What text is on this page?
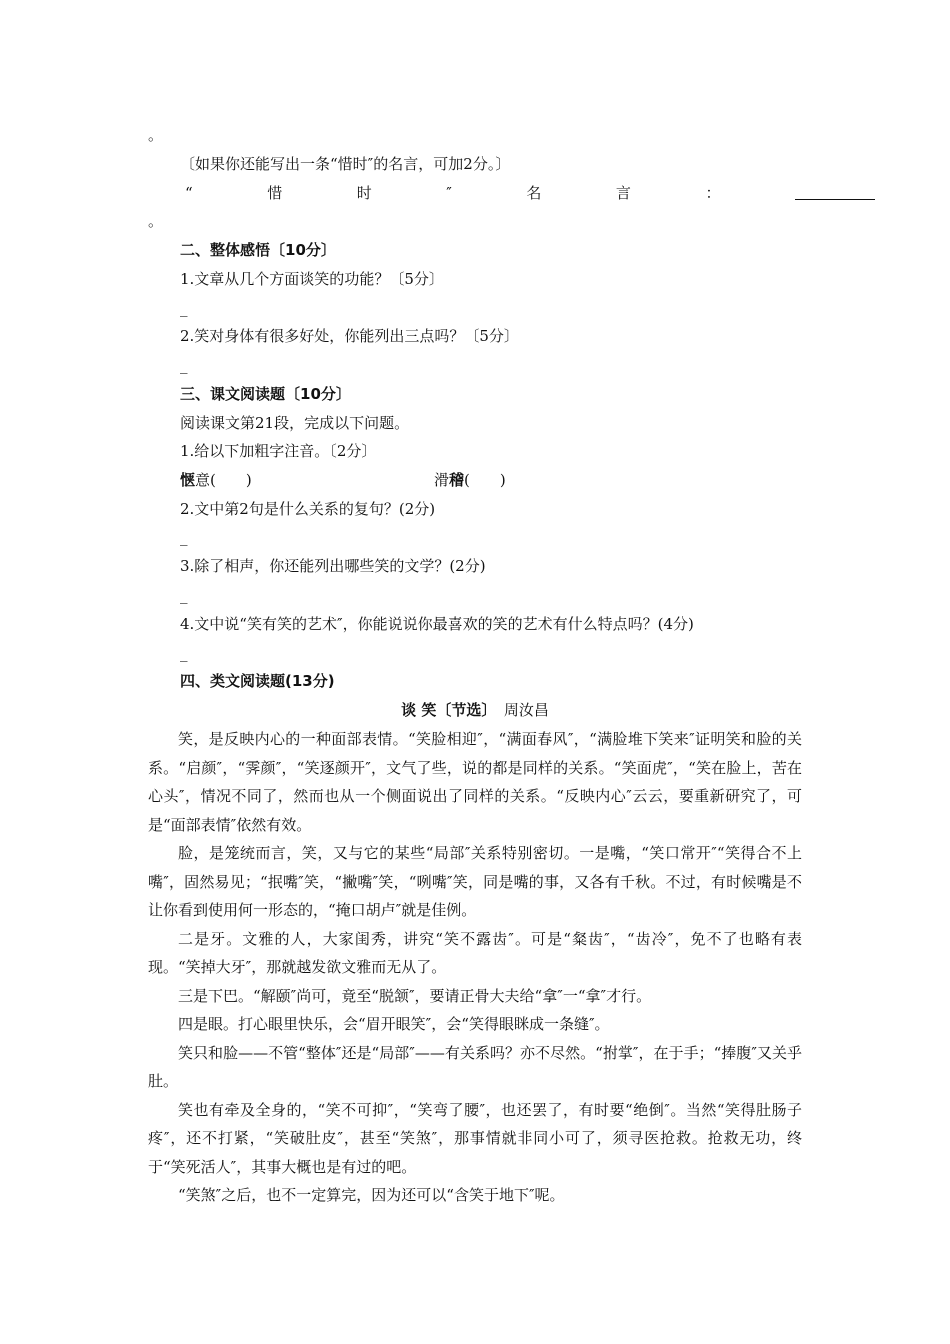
。
〔如果你还能写出一条“惜时″的名言，可加2分。〕
“	惜	时	″	名	言	：
。
二、整体感悟〔10分〕
1.文章从几个方面谈笑的功能？〔5分〕
_
2.笑对身体有很多好处，你能列出三点吗？〔5分〕
_
三、课文阅读题〔10分〕
阅读课文第21段，完成以下问题。
1.给以下加粗字注音。〔2分〕
惬意(　　)	滑稽(　　)
2.文中第2句是什么关系的复句？(2分)
_
3.除了相声，你还能列出哪些笑的文学？(2分)
_
4.文中说“笑有笑的艺术″，你能说说你最喜欢的笑的艺术有什么特点吗？(4分)
_
四、类文阅读题(13分)
谈 笑〔节选〕　 周汝昌

笑，是反映内心的一种面部表情。“笑脸相迎″，“满面春风″，“满脸堆下笑来″证明笑和脸的关系。“启颜″，“霁颜″，“笑逐颜开″，文气了些，说的都是同样的关系。“笑面虎″，“笑在脸上，苦在心头″，情况不同了，然而也从一个侧面说出了同样的关系。“反映内心″云云，要重新研究了，可是“面部表情″依然有效。

脸，是笼统而言，笑，又与它的某些“局部″关系特别密切。一是嘴，“笑口常开″“笑得合不上嘴″，固然易见；“抿嘴″笑，“撇嘴″笑，“咧嘴″笑，同是嘴的事，又各有千秋。不过，有时候嘴是不让你看到使用何一形态的，“掩口胡卢″就是佳例。

二是牙。文雅的人，大家闺秀，讲究“笑不露齿″。可是“粲齿″，“齿冷″，免不了也略有表现。“笑掉大牙″，那就越发欲文雅而无从了。

三是下巴。“解颐″尚可，竟至“脱颔″，要请正骨大夫给“拿″一“拿″才行。

四是眼。打心眼里快乐，会“眉开眼笑″，会“笑得眼眯成一条缝″。

笑只和脸——不管“整体″还是“局部″——有关系吗？亦不尽然。“拊掌″，在于手；“捧腹″又关乎肚。

笑也有牵及全身的，“笑不可抑″，“笑弯了腰″，也还罢了，有时要“绝倒″。当然“笑得肚肠子疼″，还不打紧，“笑破肚皮″，甚至“笑煞″，那事情就非同小可了，须寻医抢救。抢救无功，终于“笑死活人″，其事大概也是有过的吧。

“笑煞″之后，也不一定算完，因为还可以“含笑于地下″呢。
